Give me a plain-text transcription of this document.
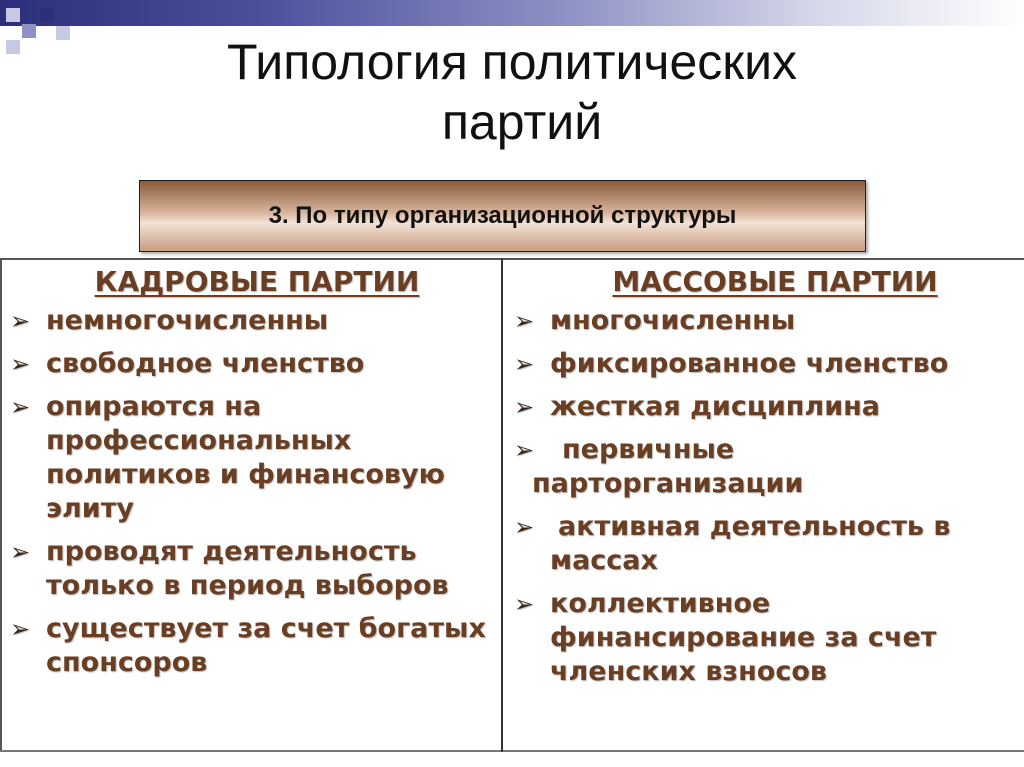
Типология политических
партий
3. По типу организационной структуры
КАДРОВЫЕ ПАРТИИ
➢ немногочисленны
➢ свободное членство
➢ опираются на профессиональных политиков и финансовую элиту
➢ проводят деятельность только в период выборов
➢ существует за счет богатых спонсоров
МАССОВЫЕ ПАРТИИ
➢ многочисленны
➢ фиксированное членство
➢ жесткая дисциплина
➢	первичные
парторганизации
➢ активная деятельность в массах
➢ коллективное финансирование за счет членских взносов
